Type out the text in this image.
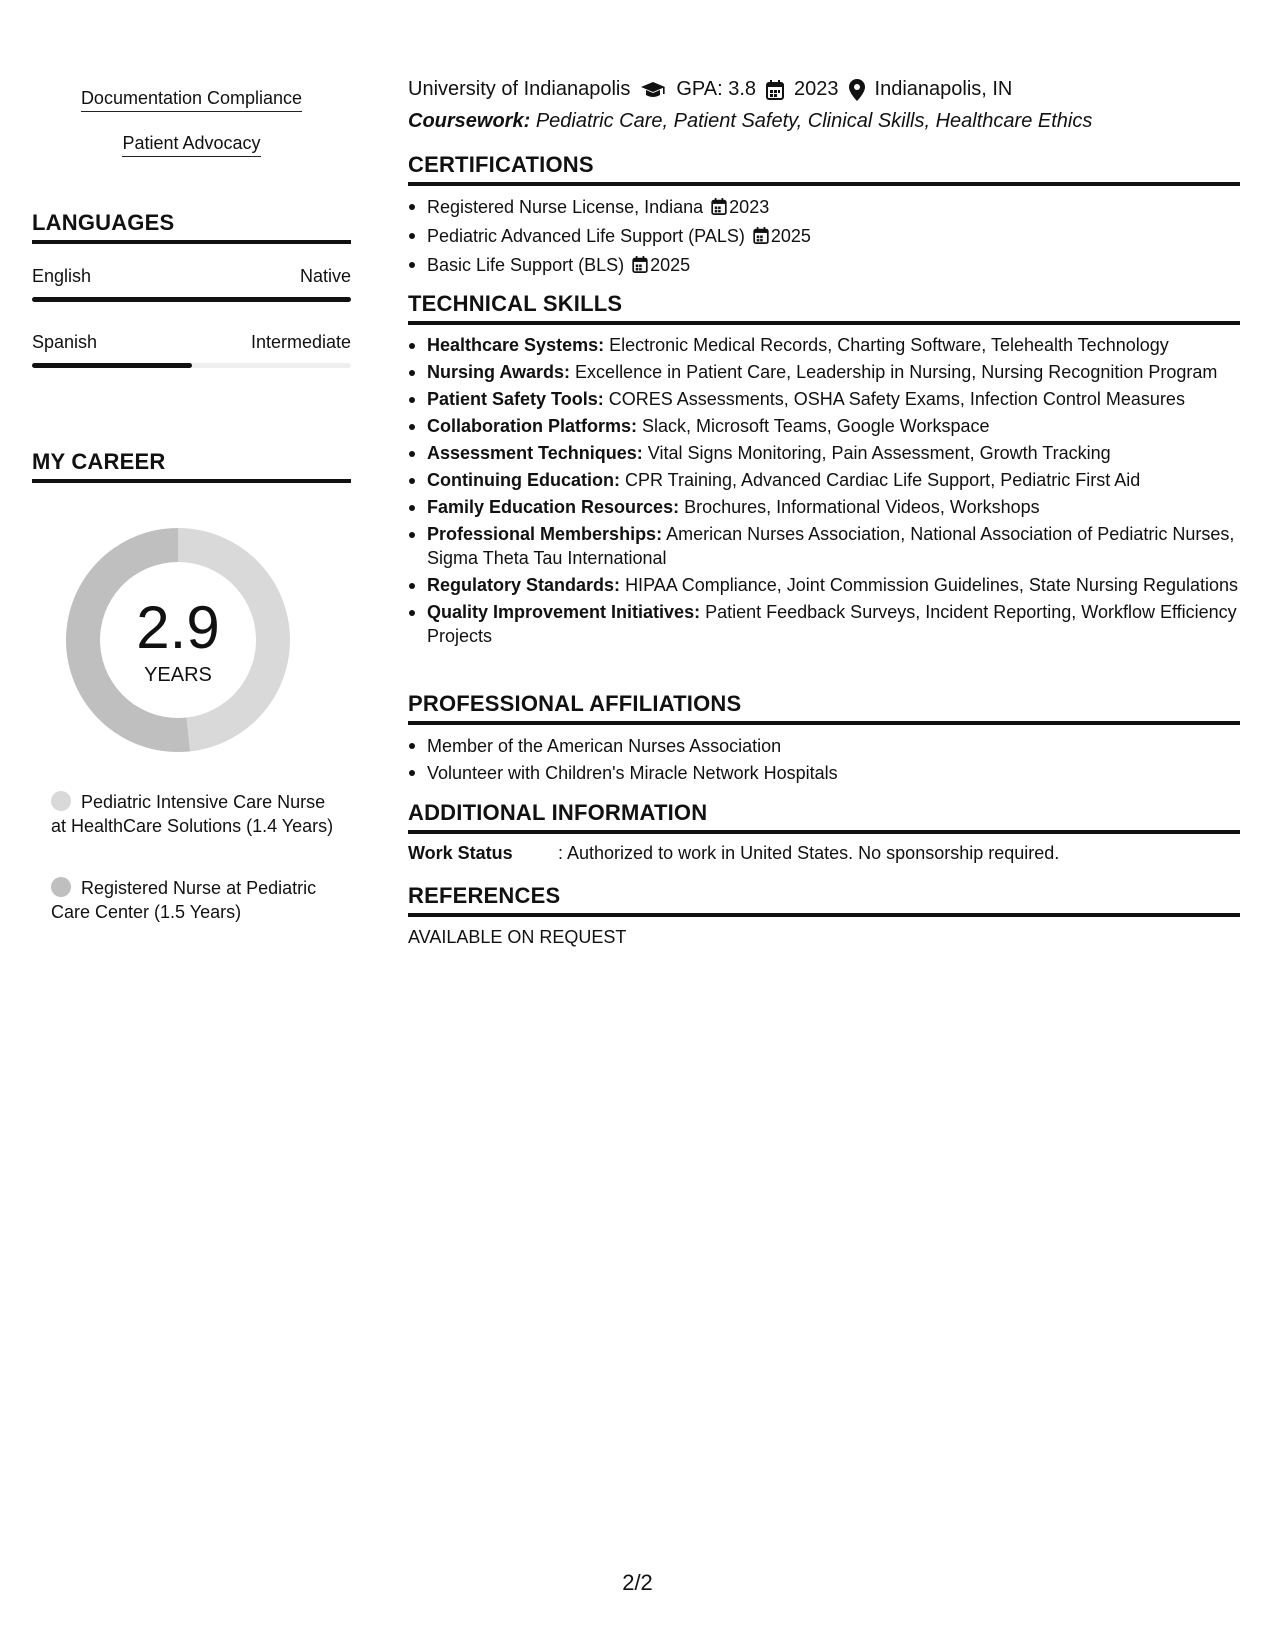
Documentation Compliance
Patient Advocacy
LANGUAGES
English	Native
Spanish	Intermediate
MY CAREER
2.9
YEARS
Pediatric Intensive Care Nurse at HealthCare Solutions (1.4 Years)
Registered Nurse at Pediatric Care Center (1.5 Years)
University of Indianapolis GPA: 3.8 2023 Indianapolis, IN
Coursework: Pediatric Care, Patient Safety, Clinical Skills, Healthcare Ethics
CERTIFICATIONS
Registered Nurse License, Indiana 2023
Pediatric Advanced Life Support (PALS) 2025
Basic Life Support (BLS) 2025
TECHNICAL SKILLS
Healthcare Systems: Electronic Medical Records, Charting Software, Telehealth Technology
Nursing Awards: Excellence in Patient Care, Leadership in Nursing, Nursing Recognition Program
Patient Safety Tools: CORES Assessments, OSHA Safety Exams, Infection Control Measures
Collaboration Platforms: Slack, Microsoft Teams, Google Workspace
Assessment Techniques: Vital Signs Monitoring, Pain Assessment, Growth Tracking
Continuing Education: CPR Training, Advanced Cardiac Life Support, Pediatric First Aid
Family Education Resources: Brochures, Informational Videos, Workshops
Professional Memberships: American Nurses Association, National Association of Pediatric Nurses, Sigma Theta Tau International
Regulatory Standards: HIPAA Compliance, Joint Commission Guidelines, State Nursing Regulations
Quality Improvement Initiatives: Patient Feedback Surveys, Incident Reporting, Workflow Efficiency Projects
PROFESSIONAL AFFILIATIONS
Member of the American Nurses Association
Volunteer with Children's Miracle Network Hospitals
ADDITIONAL INFORMATION
Work Status	: Authorized to work in United States. No sponsorship required.
REFERENCES
AVAILABLE ON REQUEST
2/2
